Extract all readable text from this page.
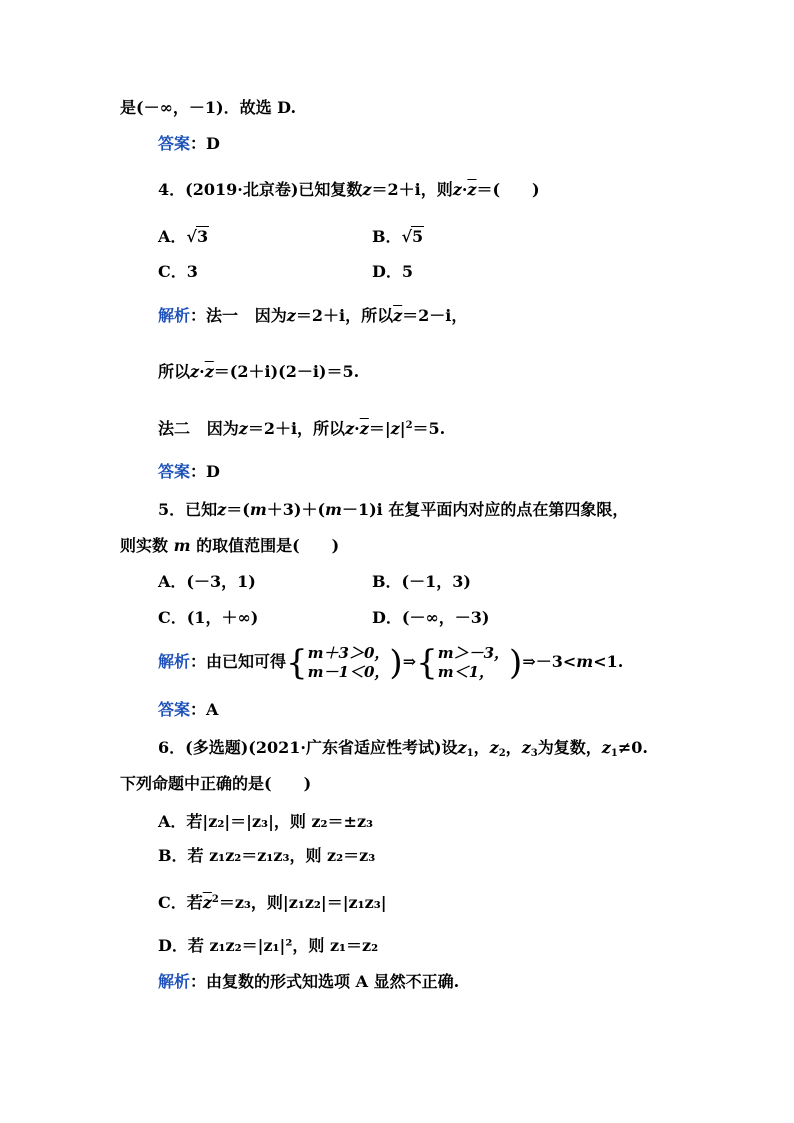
是(－∞，－1)．故选 D.
答案：D
4．(2019·北京卷)已知复数z＝2＋i，则$z\cdot\overline{z}=$(　　)
A．√3	B．√5
C．3	D．5
解析：法一 因为z＝2＋i，所以$\overline{z}=2-i$，
所以$z\cdot\overline{z}=(2+i)(2-i)=5$.
法二 因为z＝2＋i，所以$z\cdot\overline{z}=|z|^2=5$.
答案：D
5．已知z＝(m＋3)＋(m－1)i 在复平面内对应的点在第四象限，
则实数 m 的取值范围是(　　)
A．(－3，1)	B．(－1，3)
C．(1，＋∞)	D．(－∞，－3)
解析：由已知可得{m＋3＞0，
m－1＜0，)⇒{m＞－3，
m＜1， )⇒－3<m<1.
答案：A
6．(多选题)(2021·广东省适应性考试)设$z_1$，$z_2$，$z_3$为复数，$z_1\ne 0$.
下列命题中正确的是(　　)
A．若|z₂|＝|z₃|，则 z₂＝±z₃
B．若 z₁z₂＝z₁z₃，则 z₂＝z₃
C．若$\overline{z}^2=z_3$，则|z₁z₂|＝|z₁z₃|
D．若 z₁z₂＝|z₁|²，则 z₁＝z₂
解析：由复数的形式知选项 A 显然不正确.
